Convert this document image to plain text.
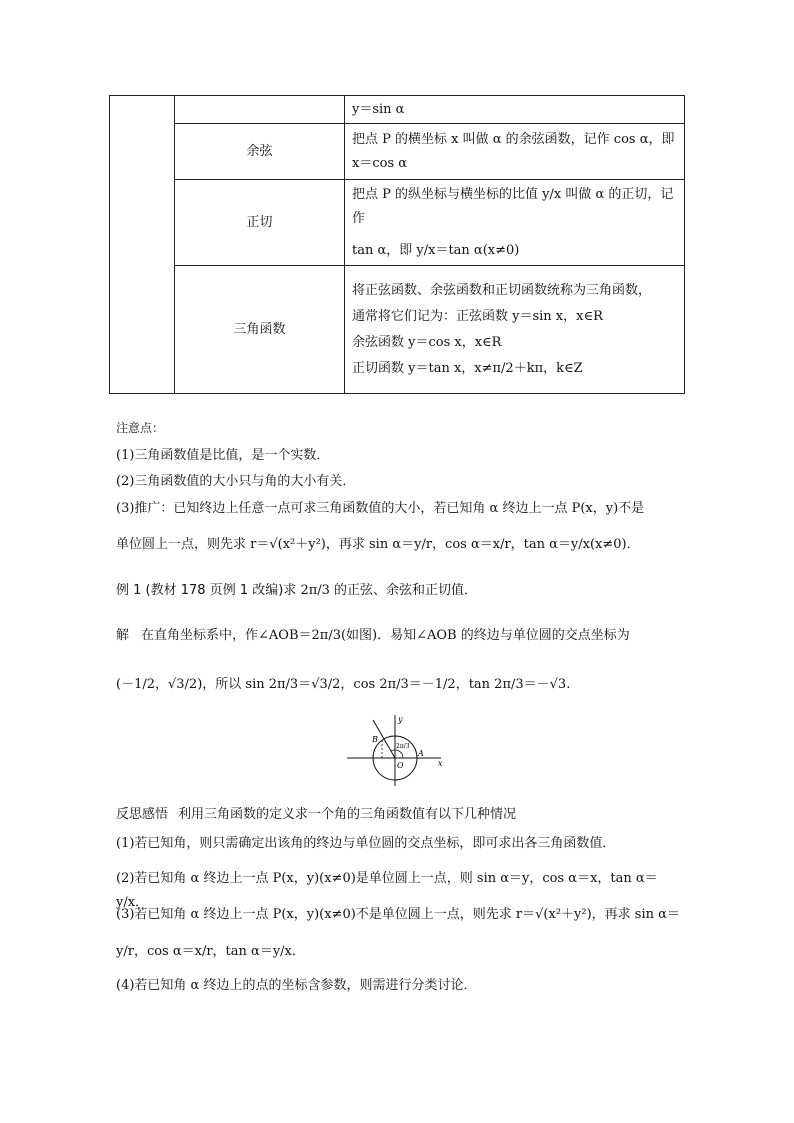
		y＝sin α
	余弦	把点 P 的横坐标 x 叫做 α 的余弦函数，记作 cos α，即
x＝cos α

	正切	把点 P 的纵坐标与横坐标的比值 y/x 叫做 α 的正切，记作
tan α，即 y/x＝tan α(x≠0)

	三角函数	将正弦函数、余弦函数和正切函数统称为三角函数，
通常将它们记为：正弦函数 y＝sin x，x∈R
余弦函数 y＝cos x，x∈R
正切函数 y＝tan x，x≠π/2＋kπ，k∈Z
注意点：
(1)三角函数值是比值，是一个实数．
(2)三角函数值的大小只与角的大小有关．
(3)推广：已知终边上任意一点可求三角函数值的大小，若已知角 α 终边上一点 P(x，y)不是
单位圆上一点，则先求 r＝√(x²＋y²)，再求 sin α＝y/r，cos α＝x/r，tan α＝y/x(x≠0)．
例 1 (教材 178 页例 1 改编)求 2π/3 的正弦、余弦和正切值．
解 在直角坐标系中，作∠AOB＝2π/3(如图)．易知∠AOB 的终边与单位圆的交点坐标为
(－1/2，√3/2)，所以 sin 2π/3＝√3/2，cos 2π/3＝－1/2，tan 2π/3＝－√3.
y
x
O
A
B
2π/3
反思感悟 利用三角函数的定义求一个角的三角函数值有以下几种情况
(1)若已知角，则只需确定出该角的终边与单位圆的交点坐标，即可求出各三角函数值．
(2)若已知角 α 终边上一点 P(x，y)(x≠0)是单位圆上一点，则 sin α＝y，cos α＝x，tan α＝y/x．
(3)若已知角 α 终边上一点 P(x，y)(x≠0)不是单位圆上一点，则先求 r＝√(x²＋y²)，再求 sin α＝
y/r，cos α＝x/r，tan α＝y/x．
(4)若已知角 α 终边上的点的坐标含参数，则需进行分类讨论．
